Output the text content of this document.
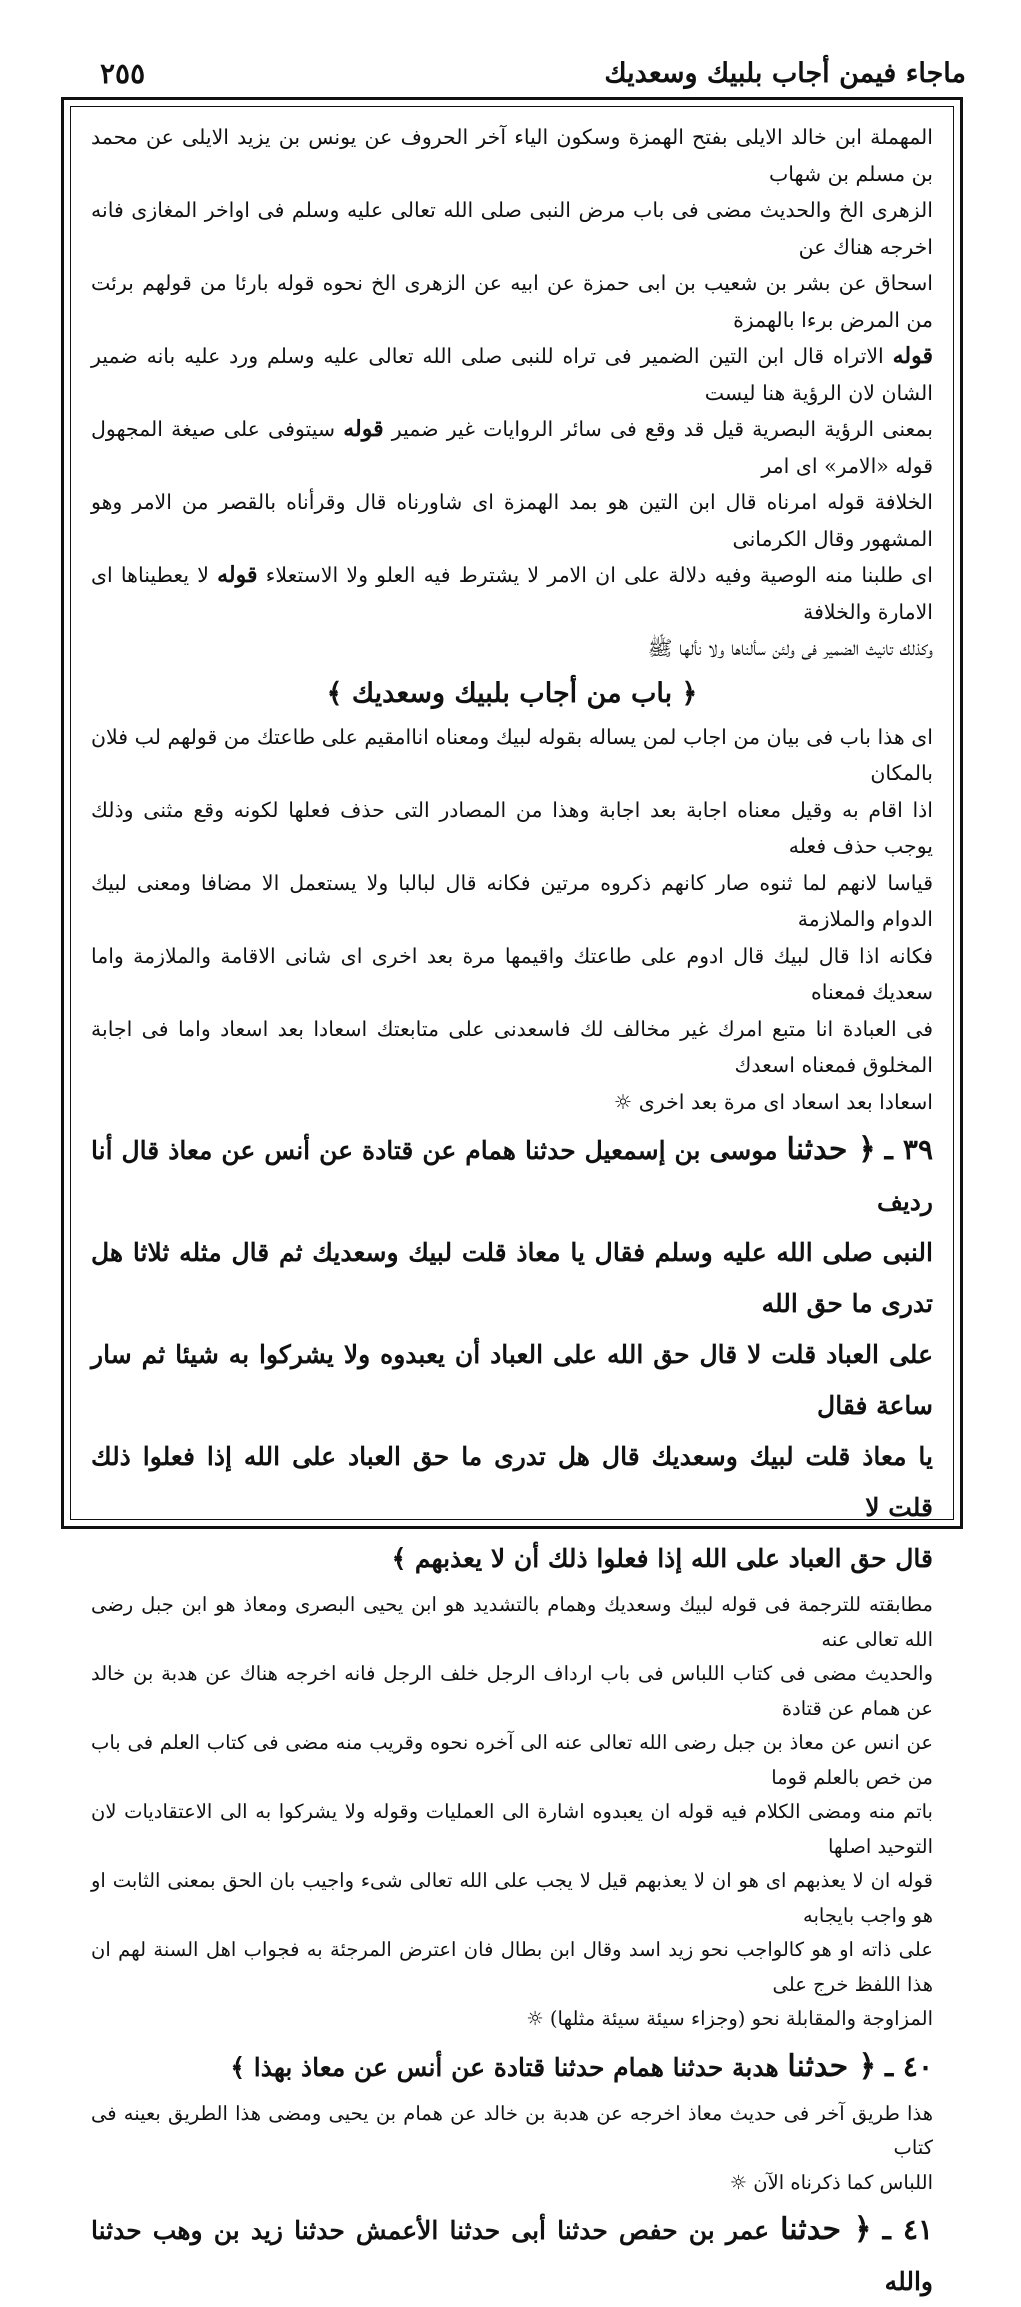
ماجاء فيمن أجاب بلبيك وسعديك
٢٥٥

المهملة ابن خالد الايلى بفتح الهمزة وسكون الياء آخر الحروف عن يونس بن يزيد الايلى عن محمد بن مسلم بن شهاب

الزهرى الخ والحديث مضى فى باب مرض النبى صلى الله تعالى عليه وسلم فى اواخر المغازى فانه اخرجه هناك عن

اسحاق عن بشر بن شعيب بن ابى حمزة عن ابيه عن الزهرى الخ نحوه قوله بارئا من قولهم برئت من المرض برءا بالهمزة

قوله الاتراه قال ابن التين الضمير فى تراه للنبى صلى الله تعالى عليه وسلم ورد عليه بانه ضمير الشان لان الرؤية هنا ليست

بمعنى الرؤية البصرية قيل قد وقع فى سائر الروايات غير ضمير قوله سيتوفى على صيغة المجهول قوله «الامر» اى امر

الخلافة قوله امرناه قال ابن التين هو بمد الهمزة اى شاورناه قال وقرأناه بالقصر من الامر وهو المشهور وقال الكرمانى

اى طلبنا منه الوصية وفيه دلالة على ان الامر لا يشترط فيه العلو ولا الاستعلاء قوله لا يعطيناها اى الامارة والخلافة

وكذلك تانيث الضمير فى ولئن سألناها ولا نألها ﷺ

﴿ باب من أجاب بلبيك وسعديك ﴾

اى هذا باب فى بيان من اجاب لمن يساله بقوله لبيك ومعناه اناامقيم على طاعتك من قولهم لب فلان بالمكان

اذا اقام به وقيل معناه اجابة بعد اجابة وهذا من المصادر التى حذف فعلها لكونه وقع مثنى وذلك يوجب حذف فعله

قياسا لانهم لما ثنوه صار كانهم ذكروه مرتين فكانه قال لبالبا ولا يستعمل الا مضافا ومعنى لبيك الدوام والملازمة

فكانه اذا قال لبيك قال ادوم على طاعتك واقيمها مرة بعد اخرى اى شانى الاقامة والملازمة واما سعديك فمعناه

فى العبادة انا متبع امرك غير مخالف لك فاسعدنى على متابعتك اسعادا بعد اسعاد واما فى اجابة المخلوق فمعناه اسعدك

اسعادا بعد اسعاد اى مرة بعد اخرى ☼

٣٩ ـ ﴿ حدثنا موسى بن إسمعيل حدثنا همام عن قتادة عن أنس عن معاذ قال أنا رديف
النبى صلى الله عليه وسلم فقال يا معاذ قلت لبيك وسعديك ثم قال مثله ثلاثا هل تدرى ما حق الله
على العباد قلت لا قال حق الله على العباد أن يعبدوه ولا يشركوا به شيئا ثم سار ساعة فقال
يا معاذ قلت لبيك وسعديك قال هل تدرى ما حق العباد على الله إذا فعلوا ذلك قلت لا
قال حق العباد على الله إذا فعلوا ذلك أن لا يعذبهم ﴾

مطابقته للترجمة فى قوله لبيك وسعديك وهمام بالتشديد هو ابن يحيى البصرى ومعاذ هو ابن جبل رضى الله تعالى عنه

والحديث مضى فى كتاب اللباس فى باب ارداف الرجل خلف الرجل فانه اخرجه هناك عن هدبة بن خالد عن همام عن قتادة

عن انس عن معاذ بن جبل رضى الله تعالى عنه الى آخره نحوه وقريب منه مضى فى كتاب العلم فى باب من خص بالعلم قوما

باتم منه ومضى الكلام فيه قوله ان يعبدوه اشارة الى العمليات وقوله ولا يشركوا به الى الاعتقاديات لان التوحيد اصلها

قوله ان لا يعذبهم اى هو ان لا يعذبهم قيل لا يجب على الله تعالى شىء واجيب بان الحق بمعنى الثابت او هو واجب بايجابه

على ذاته او هو كالواجب نحو زيد اسد وقال ابن بطال فان اعترض المرجئة به فجواب اهل السنة لهم ان هذا اللفظ خرج على

المزاوجة والمقابلة نحو (وجزاء سيئة سيئة مثلها) ☼

٤٠ ـ ﴿ حدثنا هدبة حدثنا همام حدثنا قتادة عن أنس عن معاذ بهذا ﴾

هذا طريق آخر فى حديث معاذ اخرجه عن هدبة بن خالد عن همام بن يحيى ومضى هذا الطريق بعينه فى كتاب

اللباس كما ذكرناه الآن ☼

٤١ ـ ﴿ حدثنا عمر بن حفص حدثنا أبى حدثنا الأعمش حدثنا زيد بن وهب حدثنا والله
